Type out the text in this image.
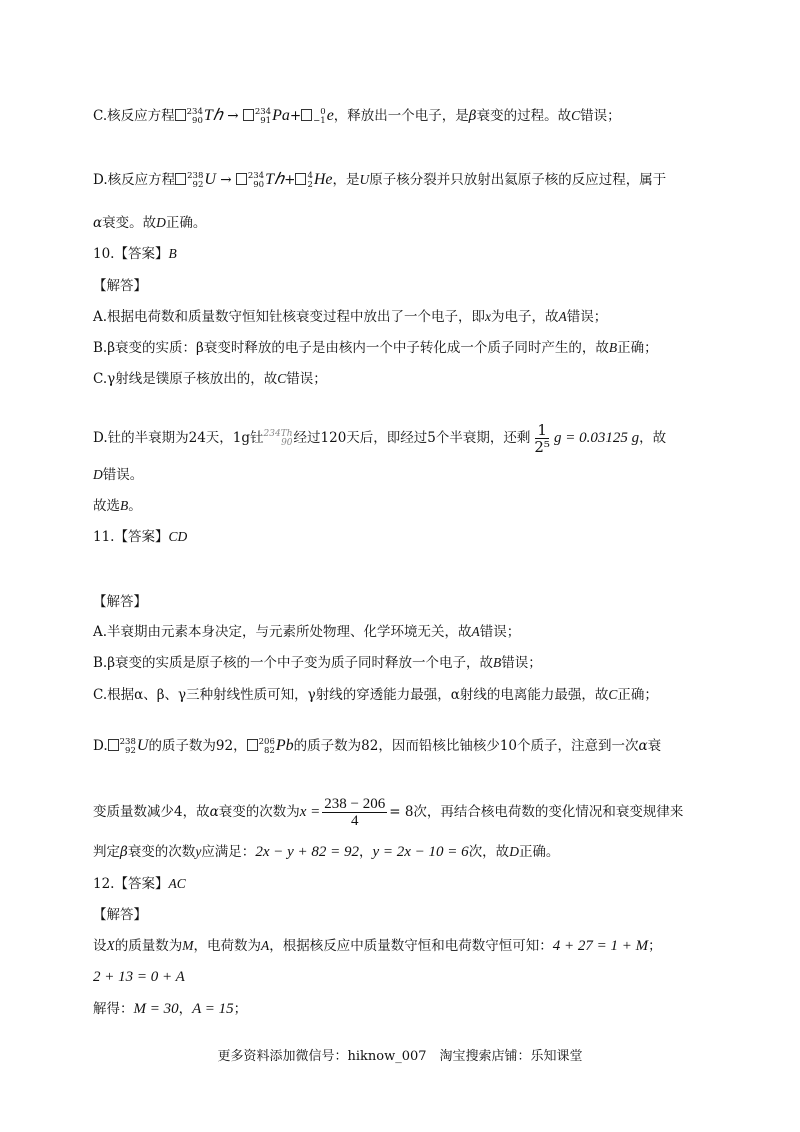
C.核反应方程 234
90 Tℎ → 234
91 Pa+	0
−1 e，释放出一个电子，是β衰变的过程。故C错误；
D.核反应方程 238
92 U → 234
90 Tℎ+ 4
2 He，是U原子核分裂并只放射出氦原子核的反应过程，属于
α衰变。故D正确。
10.【答案】B
【解答】
A.根据电荷数和质量数守恒知钍核衰变过程中放出了一个电子，即x为电子，故A错误；
B.β衰变的实质：β衰变时释放的电子是由核内一个中子转化成一个质子同时产生的，故B正确；
C.γ射线是镤原子核放出的，故C错误；
D.钍的半衰期为24天，1g钍 234Th
90 经过120天后，即经过5个半衰期，还剩 $\frac{1}{\text{2⁵}}$ g = 0.03125 g，故
D错误。
故选B。
11.【答案】CD
【解答】
A.半衰期由元素本身决定，与元素所处物理、化学环境无关，故A错误；
B.β衰变的实质是原子核的一个中子变为质子同时释放一个电子，故B错误；
C.根据α、β、γ三种射线性质可知，γ射线的穿透能力最强，α射线的电离能力最强，故C正确；
D. 238
92 U的质子数为92， 206
82 Pb的质子数为82，因而铅核比铀核少10个质子，注意到一次α衰
变质量数减少4，故α衰变的次数为$x = \frac{238 - 206}{4} = 8$次，再结合核电荷数的变化情况和衰变规律来
判定β衰变的次数y应满足：2x − y + 82 = 92，y = 2x − 10 = 6次，故D正确。
12.【答案】AC
【解答】
设X的质量数为M，电荷数为A，根据核反应中质量数守恒和电荷数守恒可知：4 + 27 = 1 + M；
2 + 13 = 0 + A
解得：M = 30，A = 15；
更多资料添加微信号：hiknow_007　淘宝搜索店铺：乐知课堂
